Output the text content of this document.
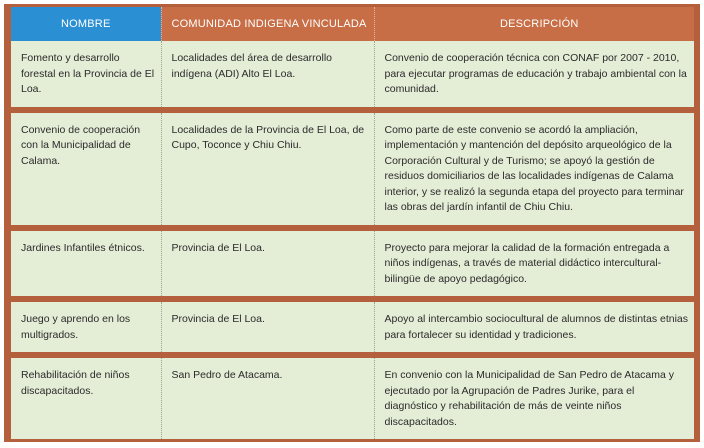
NOMBRE	COMUNIDAD INDIGENA VINCULADA	DESCRIPCIÓN
Fomento y desarrollo forestal en la Provincia de El Loa.	Localidades del área de desarrollo indígena (ADI) Alto El Loa.	Convenio de cooperación técnica con CONAF por 2007 - 2010, para ejecutar programas de educación y trabajo ambiental con la comunidad.
Convenio de cooperación con la Municipalidad de Calama.	Localidades de la Provincia de El Loa, de Cupo, Toconce y Chiu Chiu.	Como parte de este convenio se acordó la ampliación, implementación y mantención del depósito arqueológico de la Corporación Cultural y de Turismo; se apoyó la gestión de residuos domiciliarios de las localidades indígenas de Calama interior, y se realizó la segunda etapa del proyecto para terminar las obras del jardín infantil de Chiu Chiu.
Jardines Infantiles étnicos.	Provincia de El Loa.	Proyecto para mejorar la calidad de la formación entregada a niños indígenas, a través de material didáctico intercultural-bilingüe de apoyo pedagógico.
Juego y aprendo en los multigrados.	Provincia de El Loa.	Apoyo al intercambio sociocultural de alumnos de distintas etnias para fortalecer su identidad y tradiciones.
Rehabilitación de niños discapacitados.	San Pedro de Atacama.	En convenio con la Municipalidad de San Pedro de Atacama y ejecutado por la Agrupación de Padres Jurike, para el diagnóstico y rehabilitación de más de veinte niños discapacitados.
